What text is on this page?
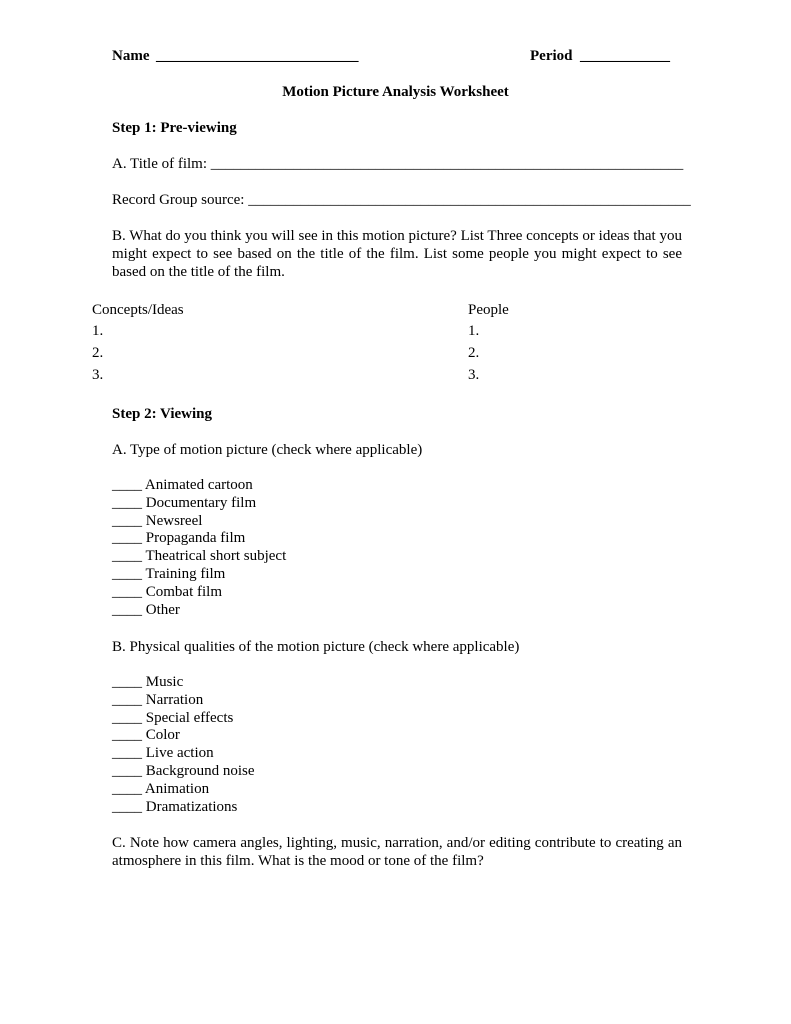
Name ___________________________	Period ____________
Motion Picture Analysis Worksheet
Step 1: Pre-viewing
A. Title of film: _______________________________________________________________
Record Group source: ___________________________________________________________
B. What do you think you will see in this motion picture? List Three concepts or ideas that you might expect to see based on the title of the film. List some people you might expect to see based on the title of the film.
Concepts/Ideas	People
1.
2.
3.
1.
2.
3.
Step 2: Viewing
A. Type of motion picture (check where applicable)
____ Animated cartoon
____ Documentary film
____ Newsreel
____ Propaganda film
____ Theatrical short subject
____ Training film
____ Combat film
____ Other
B. Physical qualities of the motion picture (check where applicable)
____ Music
____ Narration
____ Special effects
____ Color
____ Live action
____ Background noise
____ Animation
____ Dramatizations
C. Note how camera angles, lighting, music, narration, and/or editing contribute to creating an atmosphere in this film. What is the mood or tone of the film?
